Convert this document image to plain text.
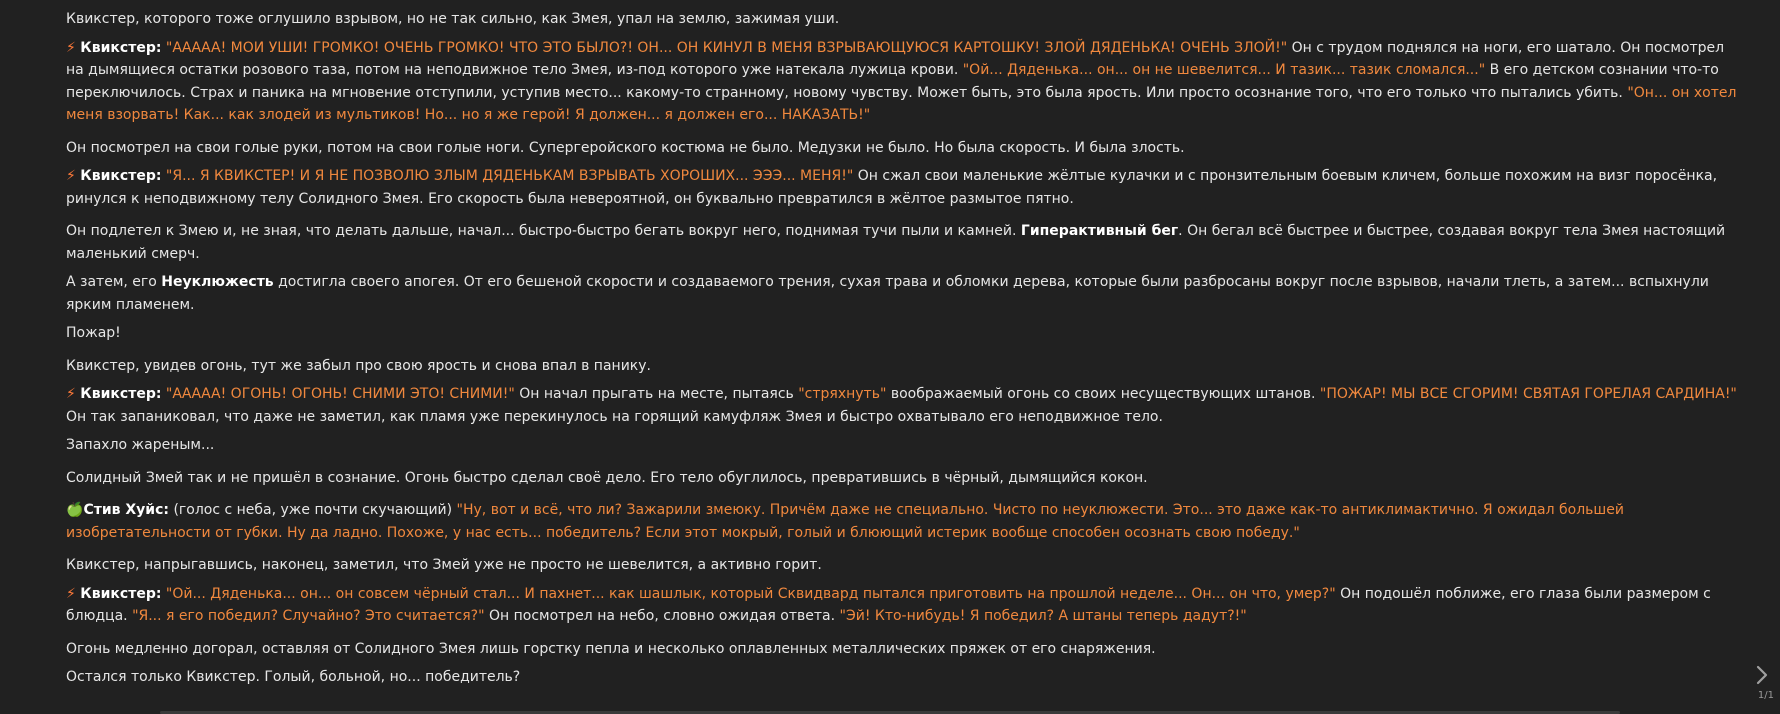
Квикстер, которого тоже оглушило взрывом, но не так сильно, как Змея, упал на землю, зажимая уши.

⚡ Квикстер: "АААAA! МОИ УШИ! ГРОМКО! ОЧЕНЬ ГРОМКО! ЧТО ЭТО БЫЛО?! ОН... ОН КИНУЛ В МЕНЯ ВЗРЫВАЮЩУЮСЯ КАРТОШКУ! ЗЛОЙ ДЯДЕНЬКА! ОЧЕНЬ ЗЛОЙ!" Он с трудом поднялся на ноги, его шатало. Он посмотрел на дымящиеся остатки розового таза, потом на неподвижное тело Змея, из-под которого уже натекала лужица крови. "Ой... Дяденька... он... он не шевелится... И тазик... тазик сломался..." В его детском сознании что-то переключилось. Страх и паника на мгновение отступили, уступив место... какому-то странному, новому чувству. Может быть, это была ярость. Или просто осознание того, что его только что пытались убить. "Он... он хотел меня взорвать! Как... как злодей из мультиков! Но... но я же герой! Я должен... я должен его... НАКАЗАТЬ!"

Он посмотрел на свои голые руки, потом на свои голые ноги. Супергеройского костюма не было. Медузки не было. Но была скорость. И была злость.

⚡ Квикстер: "Я... Я КВИКСТЕР! И Я НЕ ПОЗВОЛЮ ЗЛЫМ ДЯДЕНЬКАМ ВЗРЫВАТЬ ХОРОШИХ... ЭЭЭ... МЕНЯ!" Он сжал свои маленькие жёлтые кулачки и с пронзительным боевым кличем, больше похожим на визг поросёнка, ринулся к неподвижному телу Солидного Змея. Его скорость была невероятной, он буквально превратился в жёлтое размытое пятно.

Он подлетел к Змею и, не зная, что делать дальше, начал... быстро-быстро бегать вокруг него, поднимая тучи пыли и камней. Гиперактивный бег. Он бегал всё быстрее и быстрее, создавая вокруг тела Змея настоящий маленький смерч.

А затем, его Неуклюжесть достигла своего апогея. От его бешеной скорости и создаваемого трения, сухая трава и обломки дерева, которые были разбросаны вокруг после взрывов, начали тлеть, а затем... вспыхнули ярким пламенем.

Пожар!

Квикстер, увидев огонь, тут же забыл про свою ярость и снова впал в панику.

⚡ Квикстер: "АААAA! ОГОНЬ! ОГОНЬ! СНИМИ ЭТО! СНИМИ!" Он начал прыгать на месте, пытаясь "стряхнуть" воображаемый огонь со своих несуществующих штанов. "ПОЖАР! МЫ ВСЕ СГОРИМ! СВЯТАЯ ГОРЕЛАЯ САРДИНА!" Он так запаниковал, что даже не заметил, как пламя уже перекинулось на горящий камуфляж Змея и быстро охватывало его неподвижное тело.

Запахло жареным...

Солидный Змей так и не пришёл в сознание. Огонь быстро сделал своё дело. Его тело обуглилось, превратившись в чёрный, дымящийся кокон.

🍏Стив Хуйс: (голос с неба, уже почти скучающий) "Ну, вот и всё, что ли? Зажарили змеюку. Причём даже не специально. Чисто по неуклюжести. Это... это даже как-то антиклимактично. Я ожидал большей изобретательности от губки. Ну да ладно. Похоже, у нас есть... победитель? Если этот мокрый, голый и блюющий истерик вообще способен осознать свою победу."

Квикстер, напрыгавшись, наконец, заметил, что Змей уже не просто не шевелится, а активно горит.

⚡ Квикстер: "Ой... Дяденька... он... он совсем чёрный стал... И пахнет... как шашлык, который Сквидвард пытался приготовить на прошлой неделе... Он... он что, умер?" Он подошёл поближе, его глаза были размером с блюдца. "Я... я его победил? Случайно? Это считается?" Он посмотрел на небо, словно ожидая ответа. "Эй! Кто-нибудь! Я победил? А штаны теперь дадут?!"

Огонь медленно догорал, оставляя от Солидного Змея лишь горстку пепла и несколько оплавленных металлических пряжек от его снаряжения.

Остался только Квикстер. Голый, больной, но... победитель?

1/1
